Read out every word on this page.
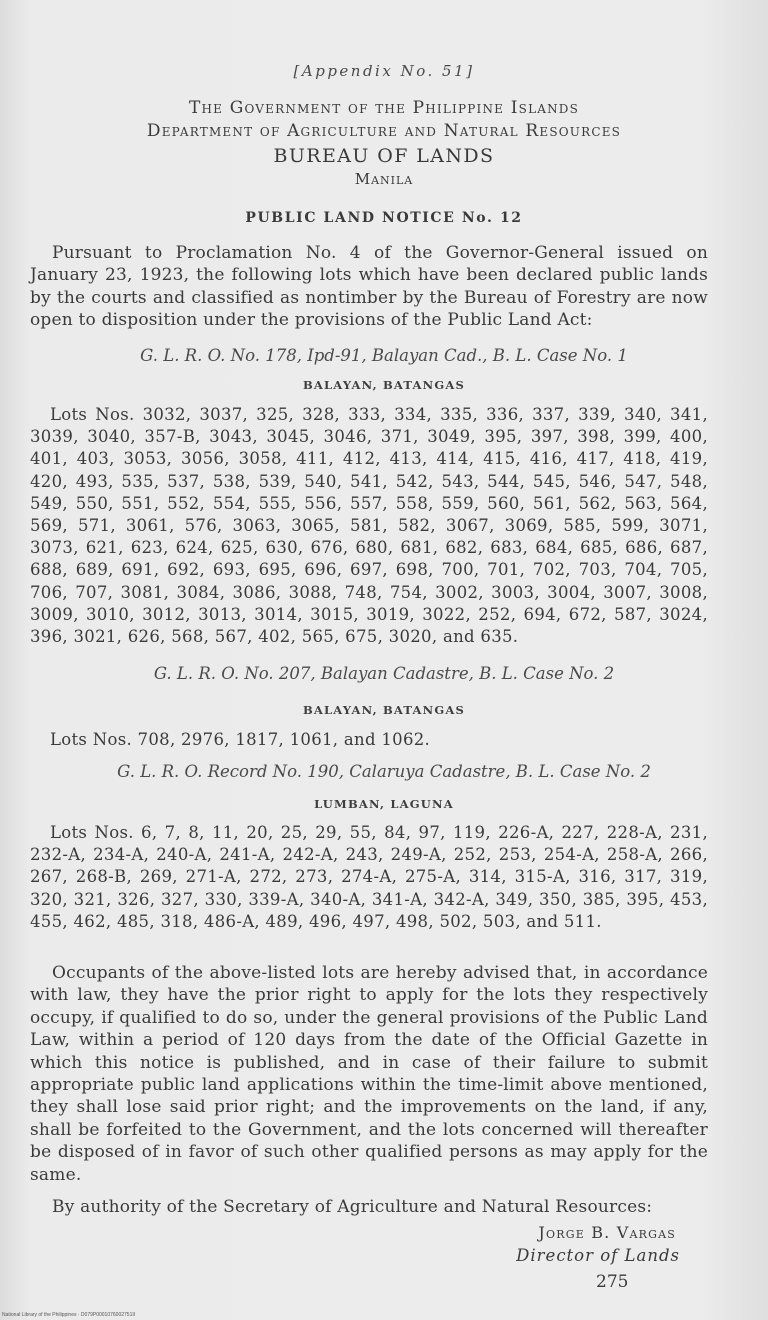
[Appendix No. 51]
The Government of the Philippine Islands
Department of Agriculture and Natural Resources
BUREAU OF LANDS
Manila
PUBLIC LAND NOTICE No. 12
Pursuant to Proclamation No. 4 of the Governor-General issued on January 23, 1923, the following lots which have been declared public lands by the courts and classified as nontimber by the Bureau of Forestry are now open to disposition under the provisions of the Public Land Act:
G. L. R. O. No. 178, Ipd-91, Balayan Cad., B. L. Case No. 1
BALAYAN, BATANGAS
Lots Nos. 3032, 3037, 325, 328, 333, 334, 335, 336, 337, 339, 340, 341, 3039, 3040, 357-B, 3043, 3045, 3046, 371, 3049, 395, 397, 398, 399, 400, 401, 403, 3053, 3056, 3058, 411, 412, 413, 414, 415, 416, 417, 418, 419, 420, 493, 535, 537, 538, 539, 540, 541, 542, 543, 544, 545, 546, 547, 548, 549, 550, 551, 552, 554, 555, 556, 557, 558, 559, 560, 561, 562, 563, 564, 569, 571, 3061, 576, 3063, 3065, 581, 582, 3067, 3069, 585, 599, 3071, 3073, 621, 623, 624, 625, 630, 676, 680, 681, 682, 683, 684, 685, 686, 687, 688, 689, 691, 692, 693, 695, 696, 697, 698, 700, 701, 702, 703, 704, 705, 706, 707, 3081, 3084, 3086, 3088, 748, 754, 3002, 3003, 3004, 3007, 3008, 3009, 3010, 3012, 3013, 3014, 3015, 3019, 3022, 252, 694, 672, 587, 3024, 396, 3021, 626, 568, 567, 402, 565, 675, 3020, and 635.
G. L. R. O. No. 207, Balayan Cadastre, B. L. Case No. 2
BALAYAN, BATANGAS
Lots Nos. 708, 2976, 1817, 1061, and 1062.
G. L. R. O. Record No. 190, Calaruya Cadastre, B. L. Case No. 2
LUMBAN, LAGUNA
Lots Nos. 6, 7, 8, 11, 20, 25, 29, 55, 84, 97, 119, 226-A, 227, 228-A, 231, 232-A, 234-A, 240-A, 241-A, 242-A, 243, 249-A, 252, 253, 254-A, 258-A, 266, 267, 268-B, 269, 271-A, 272, 273, 274-A, 275-A, 314, 315-A, 316, 317, 319, 320, 321, 326, 327, 330, 339-A, 340-A, 341-A, 342-A, 349, 350, 385, 395, 453, 455, 462, 485, 318, 486-A, 489, 496, 497, 498, 502, 503, and 511.
Occupants of the above-listed lots are hereby advised that, in accordance with law, they have the prior right to apply for the lots they respectively occupy, if qualified to do so, under the general provisions of the Public Land Law, within a period of 120 days from the date of the Official Gazette in which this notice is published, and in case of their failure to submit appropriate public land applications within the time-limit above mentioned, they shall lose said prior right; and the improvements on the land, if any, shall be forfeited to the Government, and the lots concerned will thereafter be disposed of in favor of such other qualified persons as may apply for the same.
By authority of the Secretary of Agriculture and Natural Resources:
Jorge B. Vargas
Director of Lands
275
National Library of the Philippines · D079P0001076002751II
